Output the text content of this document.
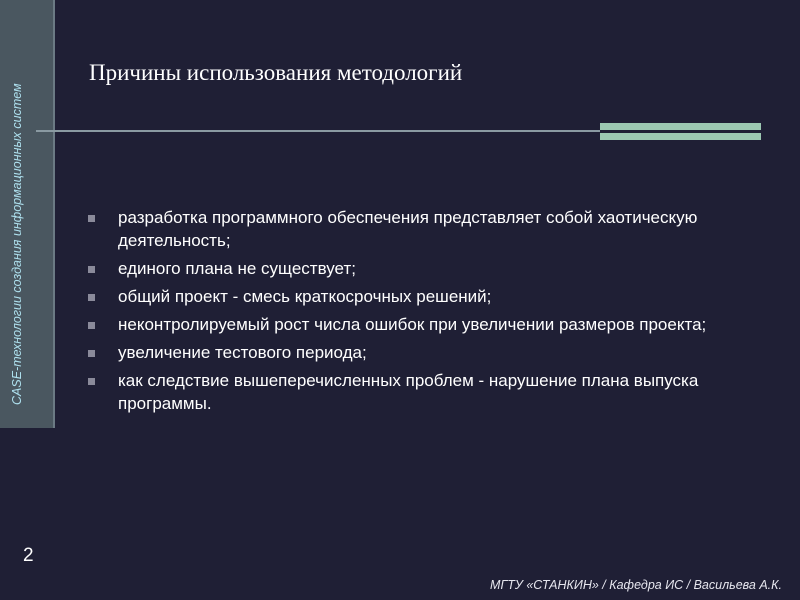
CASE-технологии создания информационных систем
2
Причины использования методологий
разработка программного обеспечения представляет собой хаотическую деятельность;
единого плана не существует;
общий проект - смесь краткосрочных решений;
неконтролируемый рост числа ошибок при увеличении размеров проекта;
увеличение тестового периода;
как следствие вышеперечисленных проблем - нарушение плана выпуска программы.
МГТУ «СТАНКИН» / Кафедра ИС / Васильева А.К.
